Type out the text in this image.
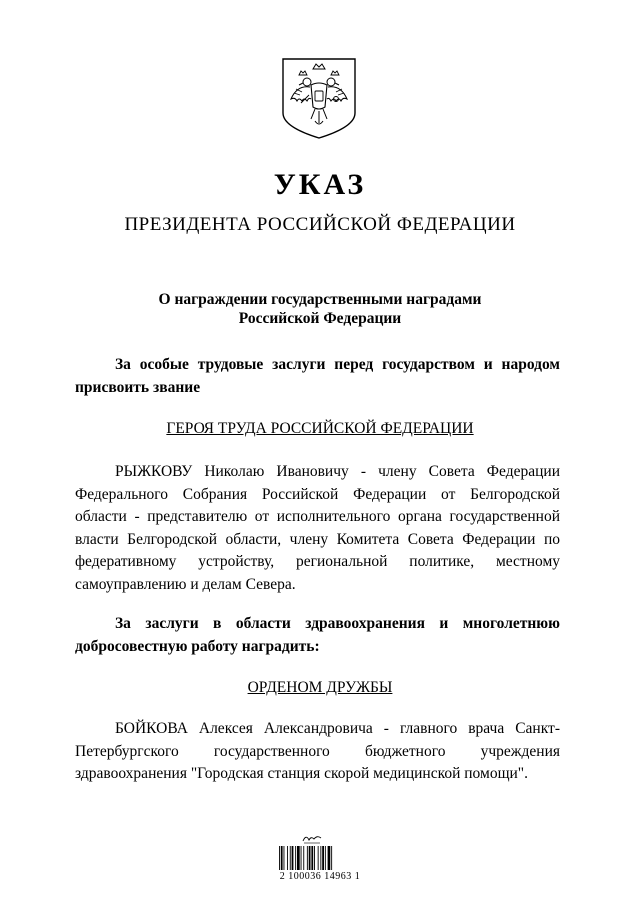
УКАЗ
ПРЕЗИДЕНТА РОССИЙСКОЙ ФЕДЕРАЦИИ
О награждении государственными наградами
Российской Федерации

За особые трудовые заслуги перед государством и народом присвоить звание

ГЕРОЯ ТРУДА РОССИЙСКОЙ ФЕДЕРАЦИИ

РЫЖКОВУ Николаю Ивановичу - члену Совета Федерации Федерального Собрания Российской Федерации от Белгородской области - представителю от исполнительного органа государственной власти Белгородской области, члену Комитета Совета Федерации по федеративному устройству, региональной политике, местному самоуправлению и делам Севера.

За заслуги в области здравоохранения и многолетнюю добросовестную работу наградить:

ОРДЕНОМ ДРУЖБЫ

БОЙКОВА Алексея Александровича - главного врача Санкт-Петербургского государственного бюджетного учреждения здравоохранения "Городская станция скорой медицинской помощи".

2 100036 14963 1
